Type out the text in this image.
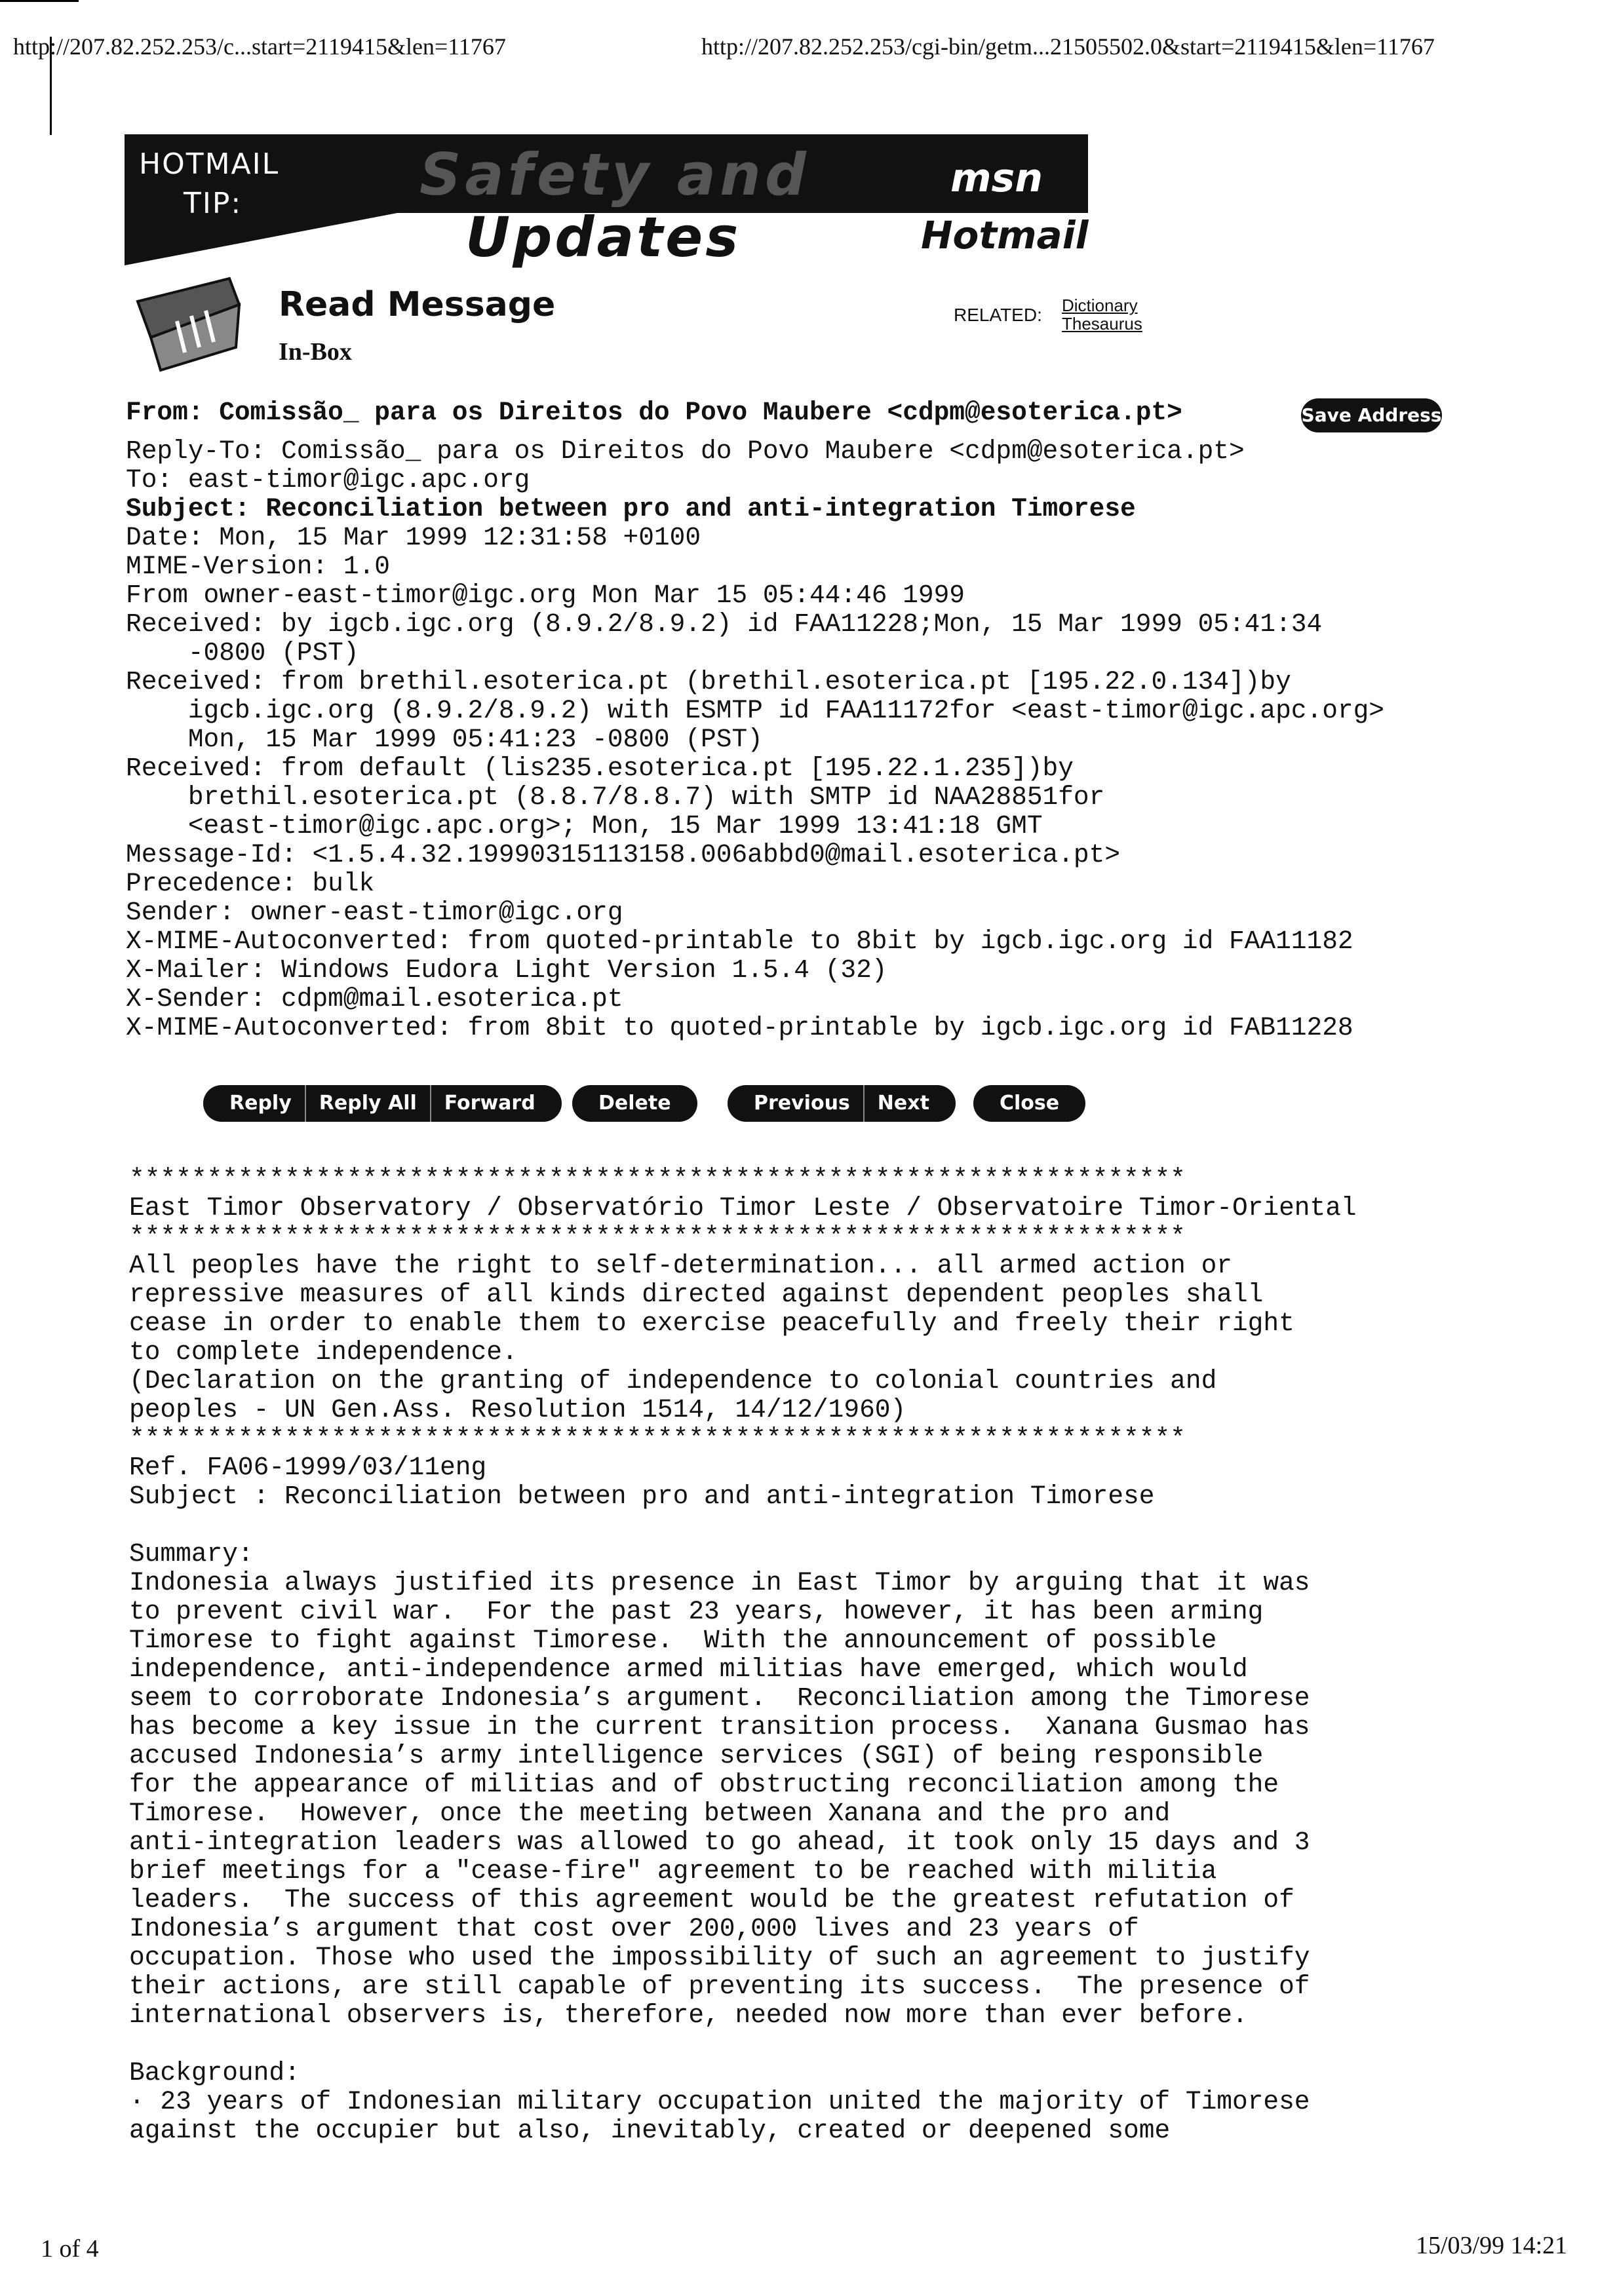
http://207.82.252.253/c...start=2119415&len=11767	http://207.82.252.253/cgi-bin/getm...21505502.0&start=2119415&len=11767
HOTMAIL
TIP:	Safety and
Updates
msn
Hotmail
Read Message
In-Box
RELATED: Dictionary
Thesaurus
From: Comissão_ para os Direitos do Povo Maubere <cdpm@esoterica.pt>	Save Address
Reply-To: Comissão_ para os Direitos do Povo Maubere <cdpm@esoterica.pt>
To: east-timor@igc.apc.org
Subject: Reconciliation between pro and anti-integration Timorese
Date: Mon, 15 Mar 1999 12:31:58 +0100
MIME-Version: 1.0
From owner-east-timor@igc.org Mon Mar 15 05:44:46 1999
Received: by igcb.igc.org (8.9.2/8.9.2) id FAA11228;Mon, 15 Mar 1999 05:41:34
-0800 (PST)
Received: from brethil.esoterica.pt (brethil.esoterica.pt [195.22.0.134])by
igcb.igc.org (8.9.2/8.9.2) with ESMTP id FAA11172for <east-timor@igc.apc.org>
Mon, 15 Mar 1999 05:41:23 -0800 (PST)
Received: from default (lis235.esoterica.pt [195.22.1.235])by
brethil.esoterica.pt (8.8.7/8.8.7) with SMTP id NAA28851for
<east-timor@igc.apc.org>; Mon, 15 Mar 1999 13:41:18 GMT
Message-Id: <1.5.4.32.19990315113158.006abbd0@mail.esoterica.pt>
Precedence: bulk
Sender: owner-east-timor@igc.org
X-MIME-Autoconverted: from quoted-printable to 8bit by igcb.igc.org id FAA11182
X-Mailer: Windows Eudora Light Version 1.5.4 (32)
X-Sender: cdpm@mail.esoterica.pt
X-MIME-Autoconverted: from 8bit to quoted-printable by igcb.igc.org id FAB11228
Reply	Reply All	Forward	Delete	Previous	Next	Close
********************************************************************
East Timor Observatory / Observatório Timor Leste / Observatoire Timor-Oriental
********************************************************************
All peoples have the right to self-determination... all armed action or
repressive measures of all kinds directed against dependent peoples shall
cease in order to enable them to exercise peacefully and freely their right
to complete independence.
(Declaration on the granting of independence to colonial countries and
peoples - UN Gen.Ass. Resolution 1514, 14/12/1960)
********************************************************************
Ref. FA06-1999/03/11eng
Subject : Reconciliation between pro and anti-integration Timorese
Summary:
Indonesia always justified its presence in East Timor by arguing that it was
to prevent civil war.  For the past 23 years, however, it has been arming
Timorese to fight against Timorese.  With the announcement of possible
independence, anti-independence armed militias have emerged, which would
seem to corroborate Indonesia’s argument.  Reconciliation among the Timorese
has become a key issue in the current transition process.  Xanana Gusmao has
accused Indonesia’s army intelligence services (SGI) of being responsible
for the appearance of militias and of obstructing reconciliation among the
Timorese.  However, once the meeting between Xanana and the pro and
anti-integration leaders was allowed to go ahead, it took only 15 days and 3
brief meetings for a "cease-fire" agreement to be reached with militia
leaders.  The success of this agreement would be the greatest refutation of
Indonesia’s argument that cost over 200,000 lives and 23 years of
occupation. Those who used the impossibility of such an agreement to justify
their actions, are still capable of preventing its success.  The presence of
international observers is, therefore, needed now more than ever before.
Background:
· 23 years of Indonesian military occupation united the majority of Timorese
against the occupier but also, inevitably, created or deepened some
1 of 4	15/03/99 14:21
